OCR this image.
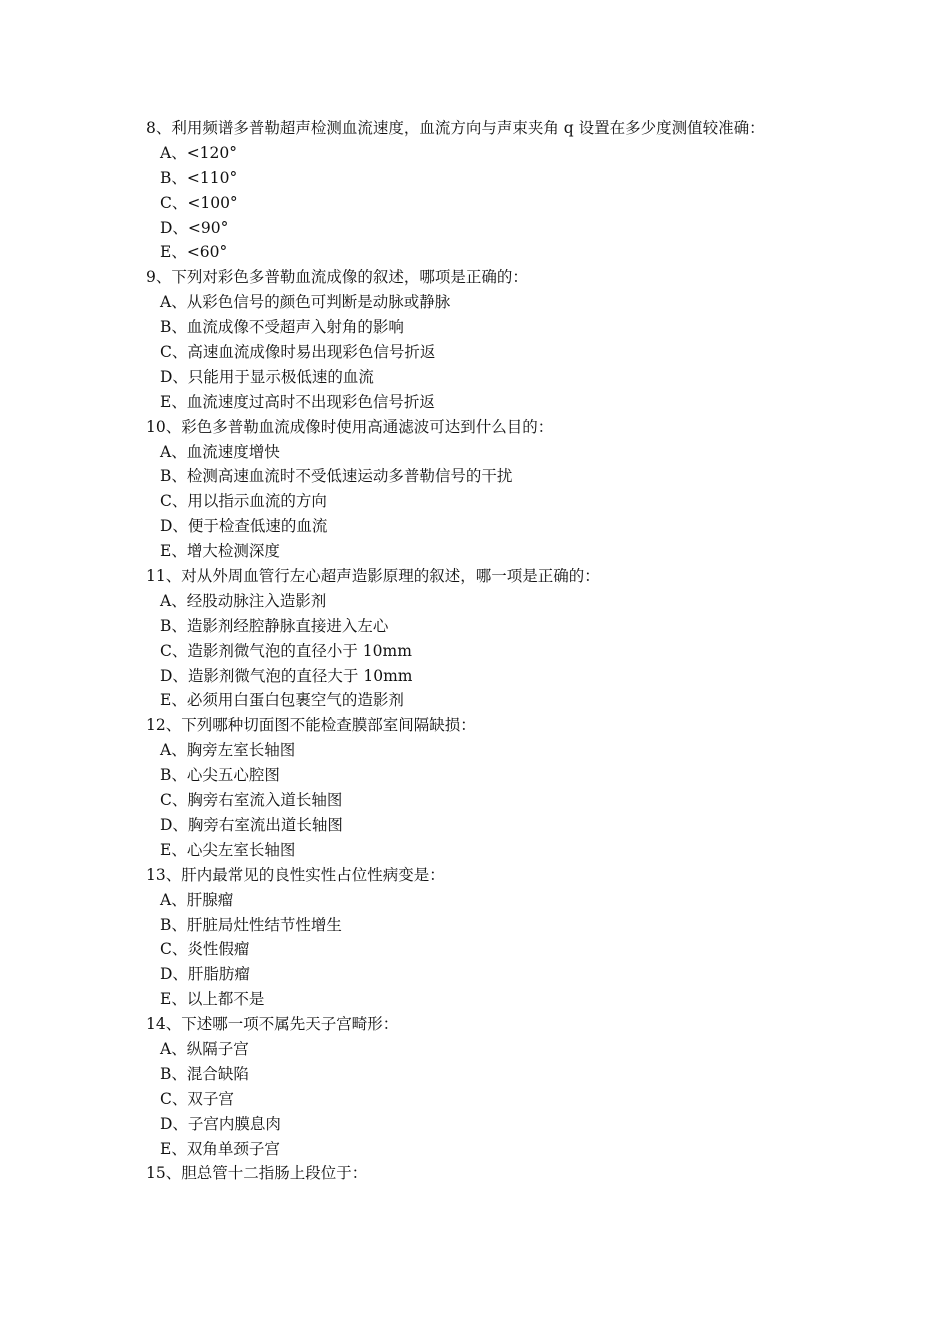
8、利用频谱多普勒超声检测血流速度，血流方向与声束夹角 q 设置在多少度测值较准确：
A、<120°
B、<110°
C、<100°
D、<90°
E、<60°
9、下列对彩色多普勒血流成像的叙述，哪项是正确的：
A、从彩色信号的颜色可判断是动脉或静脉
B、血流成像不受超声入射角的影响
C、高速血流成像时易出现彩色信号折返
D、只能用于显示极低速的血流
E、血流速度过高时不出现彩色信号折返
10、彩色多普勒血流成像时使用高通滤波可达到什么目的：
A、血流速度增快
B、检测高速血流时不受低速运动多普勒信号的干扰
C、用以指示血流的方向
D、便于检查低速的血流
E、增大检测深度
11、对从外周血管行左心超声造影原理的叙述，哪一项是正确的：
A、经股动脉注入造影剂
B、造影剂经腔静脉直接进入左心
C、造影剂微气泡的直径小于 10mm
D、造影剂微气泡的直径大于 10mm
E、必须用白蛋白包裹空气的造影剂
12、下列哪种切面图不能检查膜部室间隔缺损：
A、胸旁左室长轴图
B、心尖五心腔图
C、胸旁右室流入道长轴图
D、胸旁右室流出道长轴图
E、心尖左室长轴图
13、肝内最常见的良性实性占位性病变是：
A、肝腺瘤
B、肝脏局灶性结节性增生
C、炎性假瘤
D、肝脂肪瘤
E、以上都不是
14、下述哪一项不属先天子宫畸形：
A、纵隔子宫
B、混合缺陷
C、双子宫
D、子宫内膜息肉
E、双角单颈子宫
15、胆总管十二指肠上段位于：
